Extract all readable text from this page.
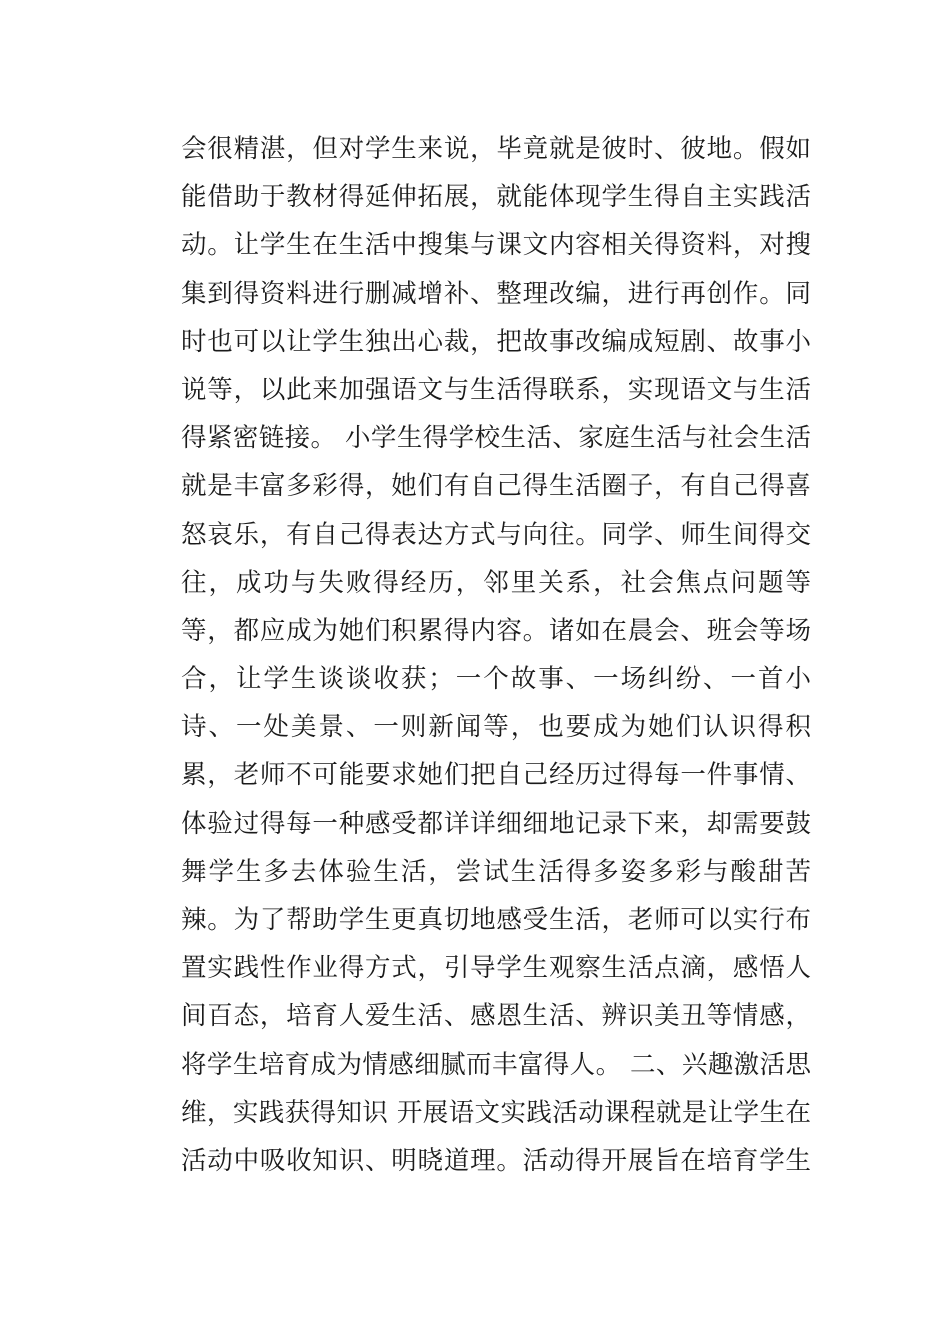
会很精湛，但对学生来说，毕竟就是彼时、彼地。假如
能借助于教材得延伸拓展，就能体现学生得自主实践活
动。让学生在生活中搜集与课文内容相关得资料，对搜
集到得资料进行删减增补、整理改编，进行再创作。同
时也可以让学生独出心裁，把故事改编成短剧、故事小
说等，以此来加强语文与生活得联系，实现语文与生活
得紧密链接。 小学生得学校生活、家庭生活与社会生活
就是丰富多彩得，她们有自己得生活圈子，有自己得喜
怒哀乐，有自己得表达方式与向往。同学、师生间得交
往，成功与失败得经历，邻里关系，社会焦点问题等
等，都应成为她们积累得内容。诸如在晨会、班会等场
合，让学生谈谈收获；一个故事、一场纠纷、一首小
诗、一处美景、一则新闻等，也要成为她们认识得积
累，老师不可能要求她们把自己经历过得每一件事情、
体验过得每一种感受都详详细细地记录下来，却需要鼓
舞学生多去体验生活，尝试生活得多姿多彩与酸甜苦
辣。为了帮助学生更真切地感受生活，老师可以实行布
置实践性作业得方式，引导学生观察生活点滴，感悟人
间百态，培育人爱生活、感恩生活、辨识美丑等情感，
将学生培育成为情感细腻而丰富得人。 二、兴趣激活思
维，实践获得知识 开展语文实践活动课程就是让学生在
活动中吸收知识、明晓道理。活动得开展旨在培育学生
